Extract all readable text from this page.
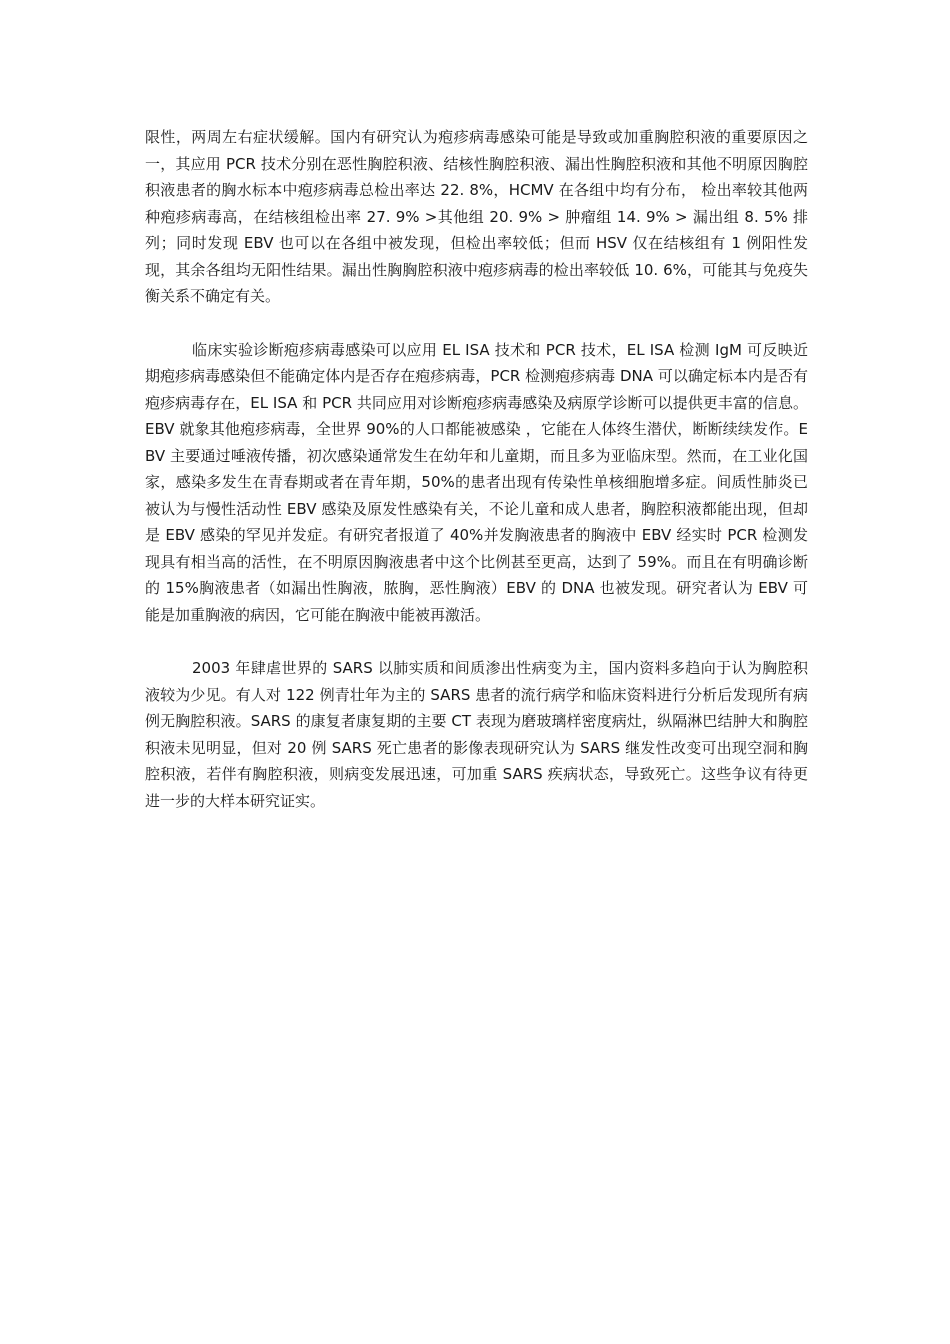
限性，两周左右症状缓解。国内有研究认为疱疹病毒感染可能是导致或加重胸腔积液的重要原因之一，其应用 PCR 技术分别在恶性胸腔积液、结核性胸腔积液、漏出性胸腔积液和其他不明原因胸腔积液患者的胸水标本中疱疹病毒总检出率达 22. 8%，HCMV 在各组中均有分布， 检出率较其他两种疱疹病毒高，在结核组检出率 27. 9% >其他组 20. 9% > 肿瘤组 14. 9% > 漏出组 8. 5% 排列；同时发现 EBV 也可以在各组中被发现，但检出率较低；但而 HSV 仅在结核组有 1 例阳性发现，其余各组均无阳性结果。漏出性胸胸腔积液中疱疹病毒的检出率较低 10. 6%，可能其与免疫失衡关系不确定有关。

临床实验诊断疱疹病毒感染可以应用 EL ISA 技术和 PCR 技术，EL ISA 检测 IgM 可反映近期疱疹病毒感染但不能确定体内是否存在疱疹病毒，PCR 检测疱疹病毒 DNA 可以确定标本内是否有疱疹病毒存在，EL ISA 和 PCR 共同应用对诊断疱疹病毒感染及病原学诊断可以提供更丰富的信息。EBV 就象其他疱疹病毒，全世界 90%的人口都能被感染 ，它能在人体终生潜伏，断断续续发作。EBV 主要通过唾液传播，初次感染通常发生在幼年和儿童期，而且多为亚临床型。然而，在工业化国家，感染多发生在青春期或者在青年期，50%的患者出现有传染性单核细胞增多症。间质性肺炎已被认为与慢性活动性 EBV 感染及原发性感染有关，不论儿童和成人患者，胸腔积液都能出现，但却是 EBV 感染的罕见并发症。有研究者报道了 40%并发胸液患者的胸液中 EBV 经实时 PCR 检测发现具有相当高的活性，在不明原因胸液患者中这个比例甚至更高，达到了 59%。而且在有明确诊断的 15%胸液患者（如漏出性胸液，脓胸，恶性胸液）EBV 的 DNA 也被发现。研究者认为 EBV 可能是加重胸液的病因，它可能在胸液中能被再激活。

2003 年肆虐世界的 SARS 以肺实质和间质渗出性病变为主，国内资料多趋向于认为胸腔积液较为少见。有人对 122 例青壮年为主的 SARS 患者的流行病学和临床资料进行分析后发现所有病例无胸腔积液。SARS 的康复者康复期的主要 CT 表现为磨玻璃样密度病灶，纵隔淋巴结肿大和胸腔积液未见明显，但对 20 例 SARS 死亡患者的影像表现研究认为 SARS 继发性改变可出现空洞和胸腔积液，若伴有胸腔积液，则病变发展迅速，可加重 SARS 疾病状态，导致死亡。这些争议有待更进一步的大样本研究证实。
